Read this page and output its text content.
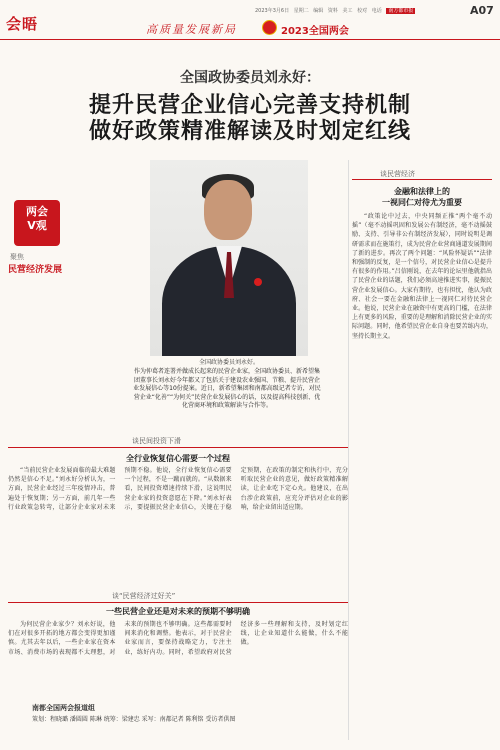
会晤
2023年3月6日 星期二 编辑 资料 美工 校对 电话 南方都市报	A07
高质量发展新局	2023全国两会
全国政协委员刘永好：
提升民营企业信心完善支持机制
做好政策精准解读及时划定红线
两会
V观
聚焦
民营经济发展
全国政协委员刘永好。
作为仲葛者连署并做成长起来的民营企业家，全国政协委员、新希望集团董事长刘永好今年都又了包括关于建设农业强国、节粮、提升民营企业发展信心等10份提案。近日，新希望集团和南都高级记者专访，对民营企业“化善”“为何关”民营企业发展信心的话，以及提高科技创新、优化营商环境和政策解读与合作等。
谈民营经济
金融和法律上的
一视同仁对待尤为重要
“政策论中过去，中央同频正推“两个毫不动摇”（毫不动摇巩固和发展公有制经济，毫不动摇鼓励、支持、引导非公有制经济发展），同时说明是调研需求而在施策行，成为民营企业营商通道发展期间了新的进步。再次了两个问题：“风险怀疑话”“法律和强制的反复，是一个信号，对民营企业信心是提升有很多的作用。”吕信刚说，在去年的论坛里他就指出了民营企业的话题，我们必须高速推进实事，提振民营企业发展信心。大家有期待，也有担忧，他认为政府、社会一要在金融和法律上一视同仁对待民营企业。他说，民营企业在融资中有更高的门槛，在法律上有更多的风险，重要的是理解和消除民营企业的实际问题。同时，他希望民营企业自身也要苦练内功，坚持长期主义。
谈民间投资下滑
全行业恢复信心需要一个过程
“当前民营企业发展面临的最大难题仍然是信心不足。”刘永好分析认为，一方面，民营企业经过三年疫情冲击，普遍处于恢复期；另一方面，前几年一些行业政策急转弯，让部分企业家对未来预期不稳。他说，全行业恢复信心需要一个过程，不是一蹴而就的。“从数据来看，民间投资增速持续下滑，这说明民营企业家的投资意愿在下降。”刘永好表示，要提振民营企业信心，关键在于稳定预期，在政策的制定和执行中，充分听取民营企业的意见，做好政策精准解读，让企业吃下定心丸。他建议，在出台涉企政策前，应充分评估对企业的影响，给企业留出适应期。
谈“民营经济过好关”
一些民营企业还是对未来的预期不够明确
为何民营企业家少？刘永好说，他们在对很多开拓的地方都会变得更加谨慎。尤其去年以后，一些企业家在资本市场、消费市场的表现都不太理想，对未来的预期也不够明确。这些都需要时间来消化和调整。他表示，对于民营企业家而言，要保持战略定力，专注主业，练好内功。同时，希望政府对民营经济多一些理解和支持，及时划定红线，让企业知道什么能做，什么不能做。
南都全国两会报道组
策划：程晓璐 潘圆圆 陈琳 统筹：梁建忠 采写：南都记者 陈利铭 受访者供图
